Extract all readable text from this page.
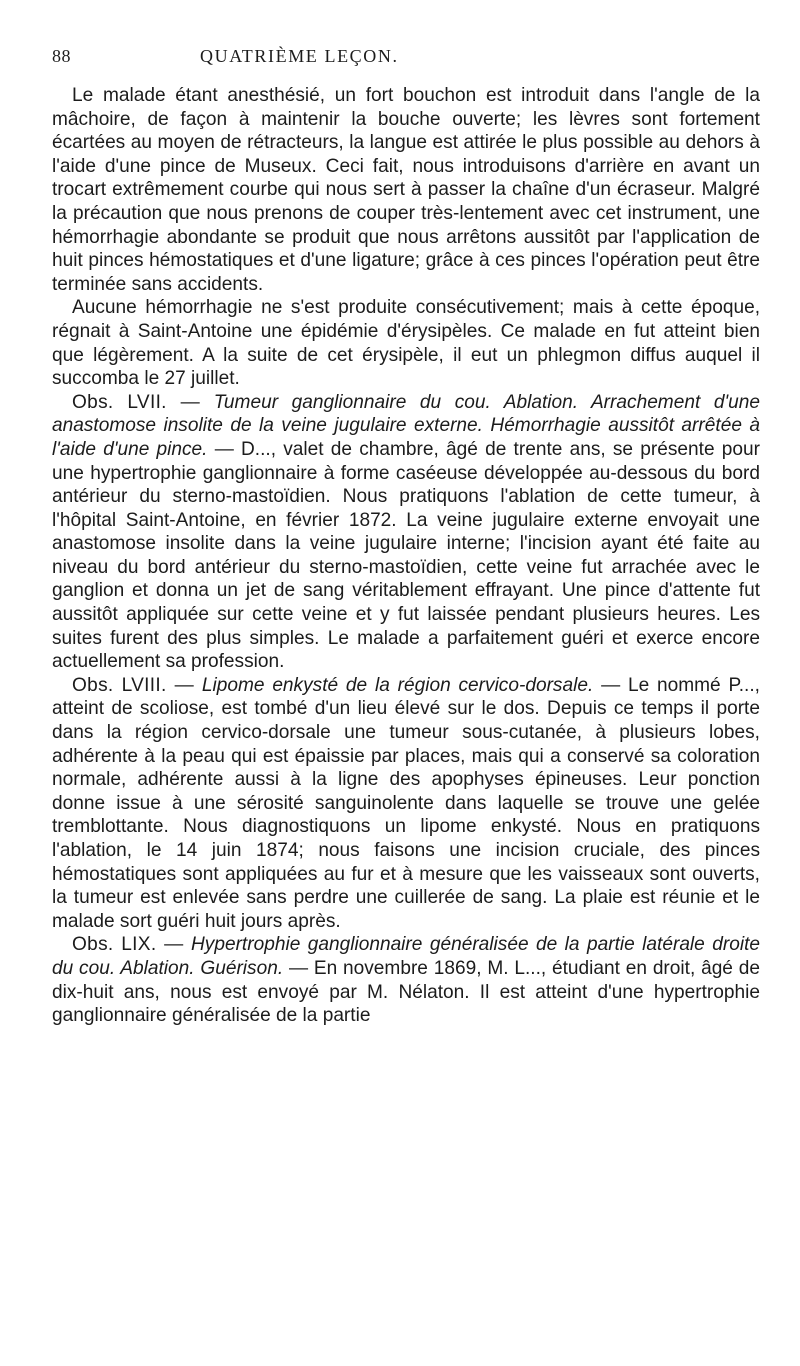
88	QUATRIÈME LEÇON.

Le malade étant anesthésié, un fort bouchon est introduit dans l'angle de la mâchoire, de façon à maintenir la bouche ouverte; les lèvres sont fortement écartées au moyen de rétracteurs, la langue est attirée le plus possible au dehors à l'aide d'une pince de Museux. Ceci fait, nous introduisons d'arrière en avant un trocart extrêmement courbe qui nous sert à passer la chaîne d'un écraseur. Malgré la précaution que nous prenons de couper très-lentement avec cet instrument, une hémorrhagie abondante se produit que nous arrêtons aussitôt par l'application de huit pinces hémostatiques et d'une ligature; grâce à ces pinces l'opération peut être terminée sans accidents.

Aucune hémorrhagie ne s'est produite consécutivement; mais à cette époque, régnait à Saint-Antoine une épidémie d'érysipèles. Ce malade en fut atteint bien que légèrement. A la suite de cet érysipèle, il eut un phlegmon diffus auquel il succomba le 27 juillet.

Obs. LVII. — Tumeur ganglionnaire du cou. Ablation. Arrachement d'une anastomose insolite de la veine jugulaire externe. Hémorrhagie aussitôt arrêtée à l'aide d'une pince. — D..., valet de chambre, âgé de trente ans, se présente pour une hypertrophie ganglionnaire à forme caséeuse développée au-dessous du bord antérieur du sterno-mastoïdien. Nous pratiquons l'ablation de cette tumeur, à l'hôpital Saint-Antoine, en février 1872. La veine jugulaire externe envoyait une anastomose insolite dans la veine jugulaire interne; l'incision ayant été faite au niveau du bord antérieur du sterno-mastoïdien, cette veine fut arrachée avec le ganglion et donna un jet de sang véritablement effrayant. Une pince d'attente fut aussitôt appliquée sur cette veine et y fut laissée pendant plusieurs heures. Les suites furent des plus simples. Le malade a parfaitement guéri et exerce encore actuellement sa profession.

Obs. LVIII. — Lipome enkysté de la région cervico-dorsale. — Le nommé P..., atteint de scoliose, est tombé d'un lieu élevé sur le dos. Depuis ce temps il porte dans la région cervico-dorsale une tumeur sous-cutanée, à plusieurs lobes, adhérente à la peau qui est épaissie par places, mais qui a conservé sa coloration normale, adhérente aussi à la ligne des apophyses épineuses. Leur ponction donne issue à une sérosité sanguinolente dans laquelle se trouve une gelée tremblottante. Nous diagnostiquons un lipome enkysté. Nous en pratiquons l'ablation, le 14 juin 1874; nous faisons une incision cruciale, des pinces hémostatiques sont appliquées au fur et à mesure que les vaisseaux sont ouverts, la tumeur est enlevée sans perdre une cuillerée de sang. La plaie est réunie et le malade sort guéri huit jours après.

Obs. LIX. — Hypertrophie ganglionnaire généralisée de la partie latérale droite du cou. Ablation. Guérison. — En novembre 1869, M. L..., étudiant en droit, âgé de dix-huit ans, nous est envoyé par M. Nélaton. Il est atteint d'une hypertrophie ganglionnaire généralisée de la partie
